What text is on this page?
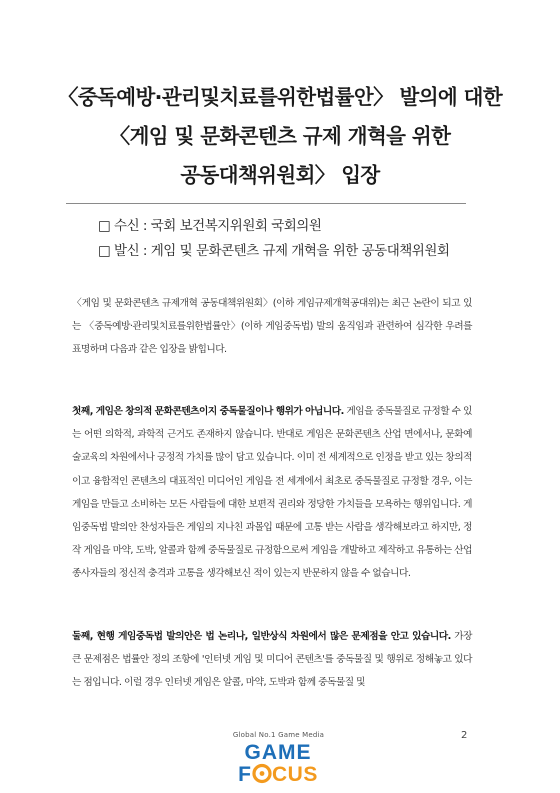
〈중독예방·관리및치료를위한법률안〉 발의에 대한
〈게임 및 문화콘텐츠 규제 개혁을 위한
공동대책위원회〉 입장
□ 수신 : 국회 보건복지위원회 국회의원
□ 발신 : 게임 및 문화콘텐츠 규제 개혁을 위한 공동대책위원회
〈게임 및 문화콘텐츠 규제개혁 공동대책위원회〉(이하 게임규제개혁공대위)는 최근 논란이 되고 있는 〈중독예방·관리및치료를위한법률안〉(이하 게임중독법) 발의 움직임과 관련하여 심각한 우려를 표명하며 다음과 같은 입장을 밝힙니다.
첫째, 게임은 창의적 문화콘텐츠이지 중독물질이나 행위가 아닙니다. 게임을 중독물질로 규정할 수 있는 어떤 의학적, 과학적 근거도 존재하지 않습니다. 반대로 게임은 문화콘텐츠 산업 면에서나, 문화예술교육의 차원에서나 긍정적 가치를 많이 담고 있습니다. 이미 전 세계적으로 인정을 받고 있는 창의적이고 융합적인 콘텐츠의 대표적인 미디어인 게임을 전 세계에서 최초로 중독물질로 규정할 경우, 이는 게임을 만들고 소비하는 모든 사람들에 대한 보편적 권리와 정당한 가치들을 모욕하는 행위입니다. 게임중독법 발의안 찬성자들은 게임의 지나친 과몰입 때문에 고통 받는 사람을 생각해보라고 하지만, 정작 게임을 마약, 도박, 알콜과 함께 중독물질로 규정함으로써 게임을 개발하고 제작하고 유통하는 산업 종사자들의 정신적 충격과 고통을 생각해보신 적이 있는지 반문하지 않을 수 없습니다.
둘째, 현행 게임중독법 발의안은 법 논리나, 일반상식 차원에서 많은 문제점을 안고 있습니다. 가장 큰 문제점은 법률안 정의 조항에 '인터넷 게임 및 미디어 콘텐츠'를 중독물질 및 행위로 정해놓고 있다는 점입니다. 이럴 경우 인터넷 게임은 알콜, 마약, 도박과 함께 중독물질 및
2
Global No.1 Game Media
GAME
F CUS
